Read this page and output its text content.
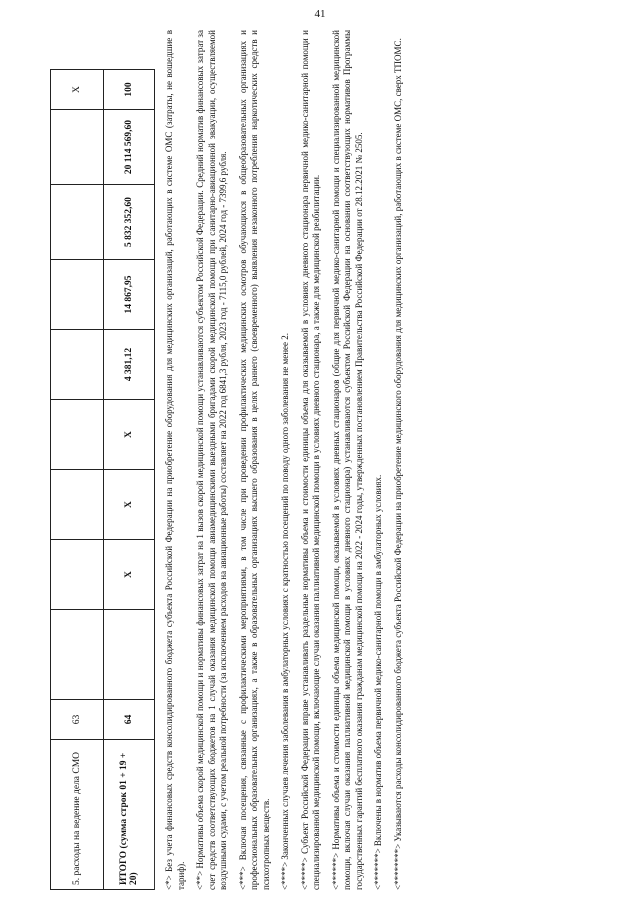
41
5. расходы на ведение дела СМО	63									Х
ИТОГО (сумма строк 01 + 19 + 20)	64		Х	Х	Х	4 381,12	14 867,95	5 832 352,60	20 114 569,60	100	<*> Без учета финансовых средств консолидированного бюджета субъекта Российской Федерации на приобретение оборудования для медицинских организаций, работающих в системе ОМС (затраты, не вошедшие в тариф). <**> Нормативы объема скорой медицинской помощи и нормативы финансовых затрат на 1 вызов скорой медицинской помощи устанавливаются субъектом Российской Федерации. Средний норматив финансовых затрат за счет средств соответствующих бюджетов на 1 случай оказания медицинской помощи авиамедицинскими выездными бригадами скорой медицинской помощи при санитарно-авиационной эвакуации, осуществляемой воздушными судами, с учетом реальной потребности (за исключением расходов на авиационные работы) составляет на 2022 год 6841,3 рубля, 2023 год - 7115,0 рублей, 2024 год - 7399,6 рубля. <***> Включая посещения, связанные с профилактическими мероприятиями, в том числе при проведении профилактических медицинских осмотров обучающихся в общеобразовательных организациях и профессиональных образовательных организациях, а также в образовательных организациях высшего образования в целях раннего (своевременного) выявления незаконного потребления наркотических средств и психотропных веществ. <****> Законченных случаев лечения заболевания в амбулаторных условиях с кратностью посещений по поводу одного заболевания не менее 2. <*****> Субъект Российской Федерации вправе устанавливать раздельные нормативы объема и стоимости единицы объема для оказываемой в условиях дневного стационара первичной медико-санитарной помощи и специализированной медицинской помощи, включающие случаи оказания паллиативной медицинской помощи в условиях дневного стационара, а также для медицинской реабилитации. <******> Нормативы объема и стоимости единицы объема медицинской помощи, оказываемой в условиях дневных стационаров (общие для первичной медико-санитарной помощи и специализированной медицинской помощи, включая случаи оказания паллиативной медицинской помощи в условиях дневного стационара) устанавливаются субъектом Российской Федерации на основании соответствующих нормативов Программы государственных гарантий бесплатного оказания гражданам медицинской помощи на 2022 - 2024 годы, утвержденных постановлением Правительства Российской Федерации от 28.12.2021 № 2505. <*******> Включены в норматив объема первичной медико-санитарной помощи в амбулаторных условиях. <********> Указываются расходы консолидированного бюджета субъекта Российской Федерации на приобретение медицинского оборудования для медицинских организаций, работающих в системе ОМС, сверх ТПОМС.
